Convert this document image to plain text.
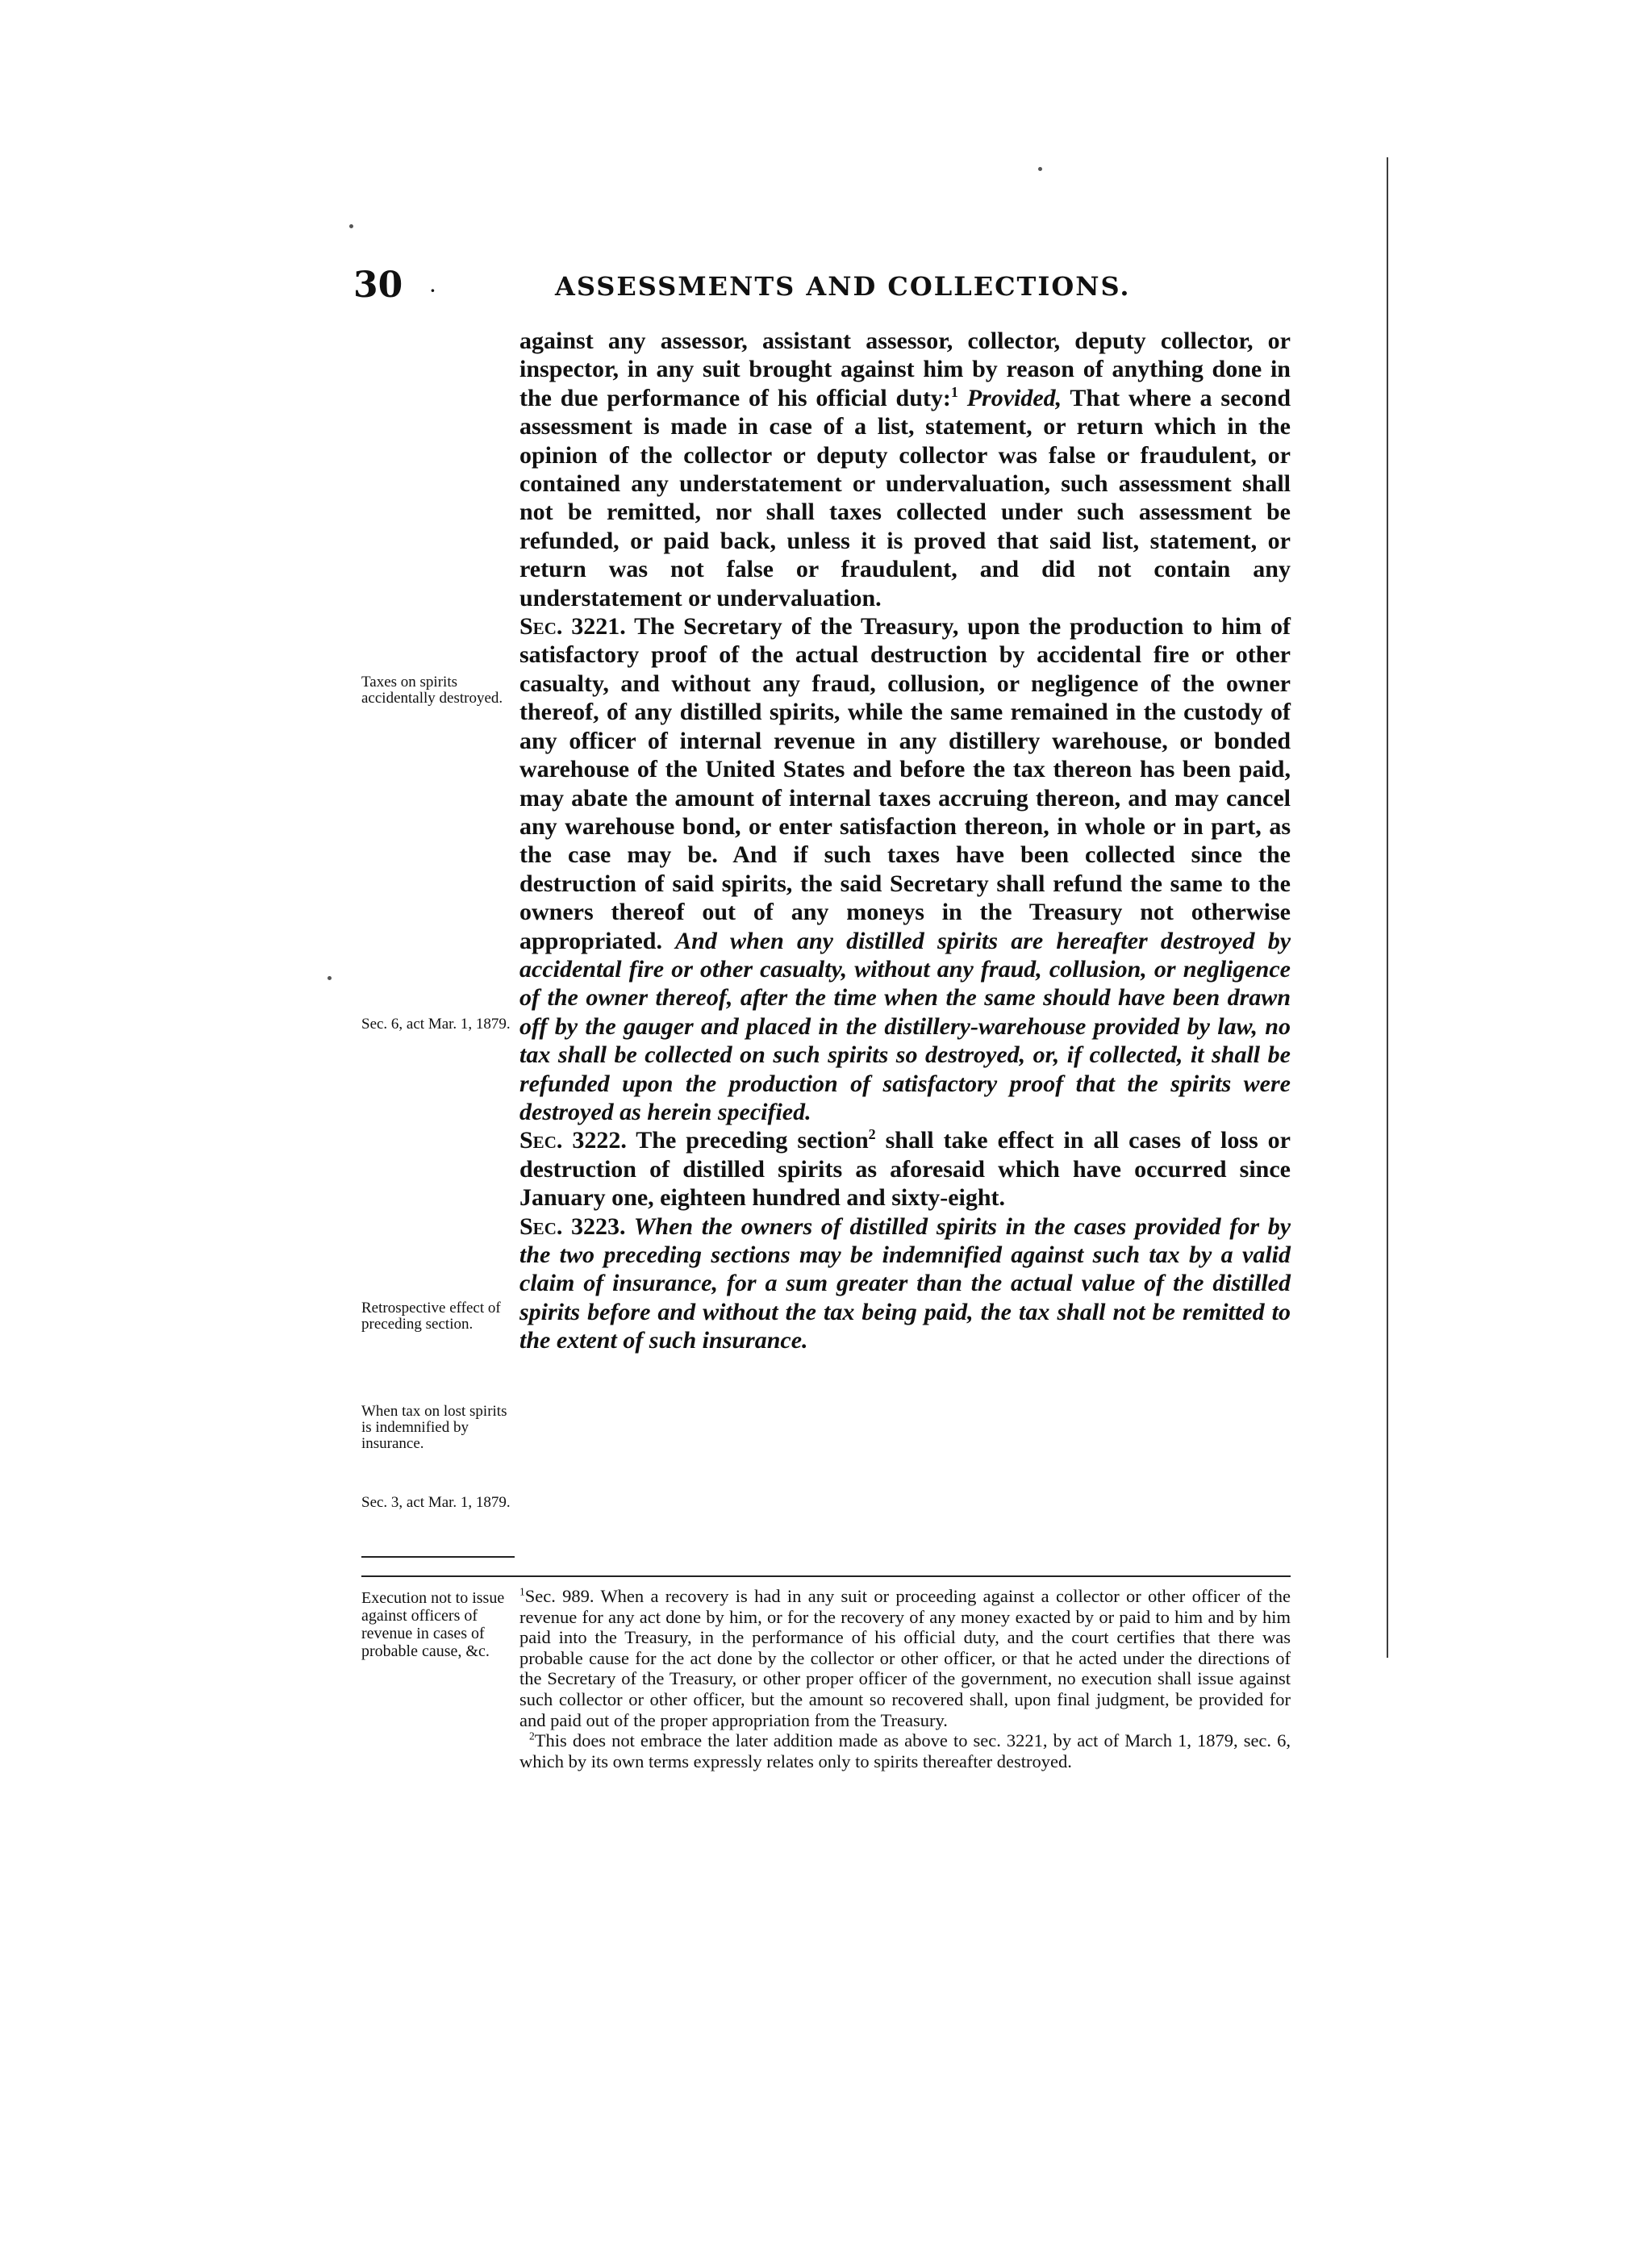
30 ·	ASSESSMENTS AND COLLECTIONS.

against any assessor, assistant assessor, collector, deputy collector, or inspector, in any suit brought against him by reason of anything done in the due performance of his official duty:$^1$ Provided, That where a second assessment is made in case of a list, statement, or return which in the opinion of the collector or deputy collector was false or fraudulent, or contained any understatement or undervaluation, such assessment shall not be remitted, nor shall taxes collected under such assessment be refunded, or paid back, unless it is proved that said list, statement, or return was not false or fraudulent, and did not contain any understatement or undervaluation.

Sec. 3221. The Secretary of the Treasury, upon the production to him of satisfactory proof of the actual destruction by accidental fire or other casualty, and without any fraud, collusion, or negligence of the owner thereof, of any distilled spirits, while the same remained in the custody of any officer of internal revenue in any distillery warehouse, or bonded warehouse of the United States and before the tax thereon has been paid, may abate the amount of internal taxes accruing thereon, and may cancel any warehouse bond, or enter satisfaction thereon, in whole or in part, as the case may be. And if such taxes have been collected since the destruction of said spirits, the said Secretary shall refund the same to the owners thereof out of any moneys in the Treasury not otherwise appropriated. And when any distilled spirits are hereafter destroyed by accidental fire or other casualty, without any fraud, collusion, or negligence of the owner thereof, after the time when the same should have been drawn off by the gauger and placed in the distillery-warehouse provided by law, no tax shall be collected on such spirits so destroyed, or, if collected, it shall be refunded upon the production of satisfactory proof that the spirits were destroyed as herein specified.

Sec. 3222. The preceding section$^2$ shall take effect in all cases of loss or destruction of distilled spirits as aforesaid which have occurred since January one, eighteen hundred and sixty-eight.

Sec. 3223. When the owners of distilled spirits in the cases provided for by the two preceding sections may be indemnified against such tax by a valid claim of insurance, for a sum greater than the actual value of the distilled spirits before and without the tax being paid, the tax shall not be remitted to the extent of such insurance.

Taxes on spirits accidentally destroyed.
Sec. 6, act Mar. 1, 1879.
Retrospective effect of preceding section.
When tax on lost spirits is indemnified by insurance.
Sec. 3, act Mar. 1, 1879.
Execution not to issue against officers of revenue in cases of probable cause, &c.

$^1$Sec. 989. When a recovery is had in any suit or proceeding against a collector or other officer of the revenue for any act done by him, or for the recovery of any money exacted by or paid to him and by him paid into the Treasury, in the performance of his official duty, and the court certifies that there was probable cause for the act done by the collector or other officer, or that he acted under the directions of the Secretary of the Treasury, or other proper officer of the government, no execution shall issue against such collector or other officer, but the amount so recovered shall, upon final judgment, be provided for and paid out of the proper appropriation from the Treasury.

$^2$This does not embrace the later addition made as above to sec. 3221, by act of March 1, 1879, sec. 6, which by its own terms expressly relates only to spirits thereafter destroyed.
